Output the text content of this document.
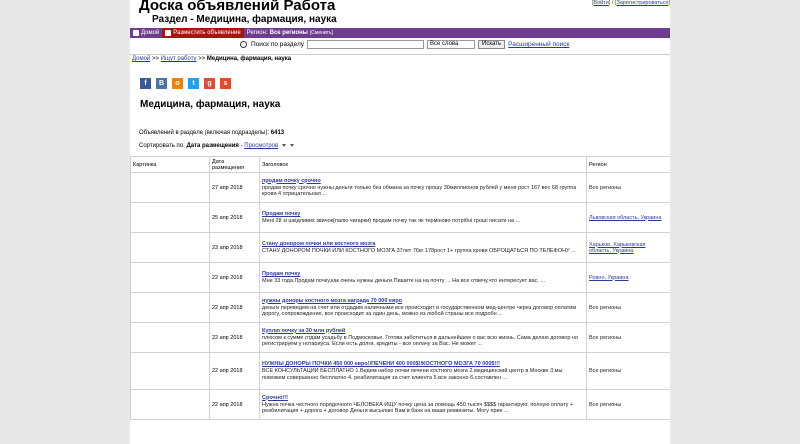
Доска объявлений Работа
Раздел - Медицина, фармация, наука
[Войти] / [Зарегистрироваться]
Домой Разместить объявление Регион: Все регионы [Сменить]
Поиск по разделу	Все слова	Искать	Расширенный поиск
Домой >> Ищут работу >> Медицина, фармация, наука
f	B	o	t	g	s
Медицина, фармация, наука
Объявлений в разделе (включая подразделы): 6413
Сортировать по: Дата размещения - Просмотров
Картинка	Дата размещения	Заголовок	Регион
	27 апр 2018	продам почку срочно
продам почку срочно нужны деньги только без обмана за почку прошу 30миллионов рублей у меня рост 167 вес 68 группа крови 4 отрицательная ...	Все регионы
	25 апр 2018	Продам почку
Мені 28 зі шкідливих звичок(палю чигарки) продам почку так як терміново потрібні гроші писати на ...	Львовская область, Украина
	23 апр 2018	Стану донором почки или костного мозга
СТАНУ ДОНОРОМ ПОЧКИ ИЛИ КОСТНОГО МОЗГА 37лет 76кг 178рост 1+ группа крови ОБРОЩАТЬСЯ ПО ТЕЛЕФОНУ ...	Харьков, Харьковская область, Украина
	22 апр 2018	Продам почку
Мне 33 года.Продам почку,как очень нужны деньги.Пишите на на почту ... На все отвечу,что интересует вас. ...	Ровно, Украина
	22 апр 2018	нужны доноры костного мозга награда 70 000 евро
деньги переведем на счет или отдадим наличными все происходит в государственном мед-центре через договор оплатим дорогу, сопровождение, все происходит за один день, можно из любой страны все подробн ...	Все регионы
	22 апр 2018	Куплю почку за 30 млн рублей
плюсом к сумме отдам усадьбу в Подмосковье. Готова заботиться в дальнейшем о вас всю жизнь. Сама делаю договор но регистрируем у нотариуса. Если есть долги, кредиты - все оплачу за Вас. Не может ...	Все регионы
	22 апр 2018	НУЖНЫ ДОНОРЫ ПОЧКИ 450 000 евро!/ПЕЧЕНИ 400 000$!/КОСТНОГО МОЗГА 70 000$!!!
ВСЕ КОНСУЛЬТАЦИИ БЕСПЛАТНО 1.Ведем набор почки печени костного мозга 2.медицинский центр в Москве 3.мы поможем совершенно бесплатно 4. реабилитация за счет клиента 5.все законно 6.составлен ...	Все регионы
	22 апр 2018	Срочно!!!
Нужна почка честного порядочного ЧЕЛОВЕКА ИЩУ почку цена за помощь 450 тысяч $$$$ гарантирую; полную оплату + реабилитация + дорога + договор Деньги высылаю Вам в банк на ваши реквизиты. Могу прие ...	Все регионы
